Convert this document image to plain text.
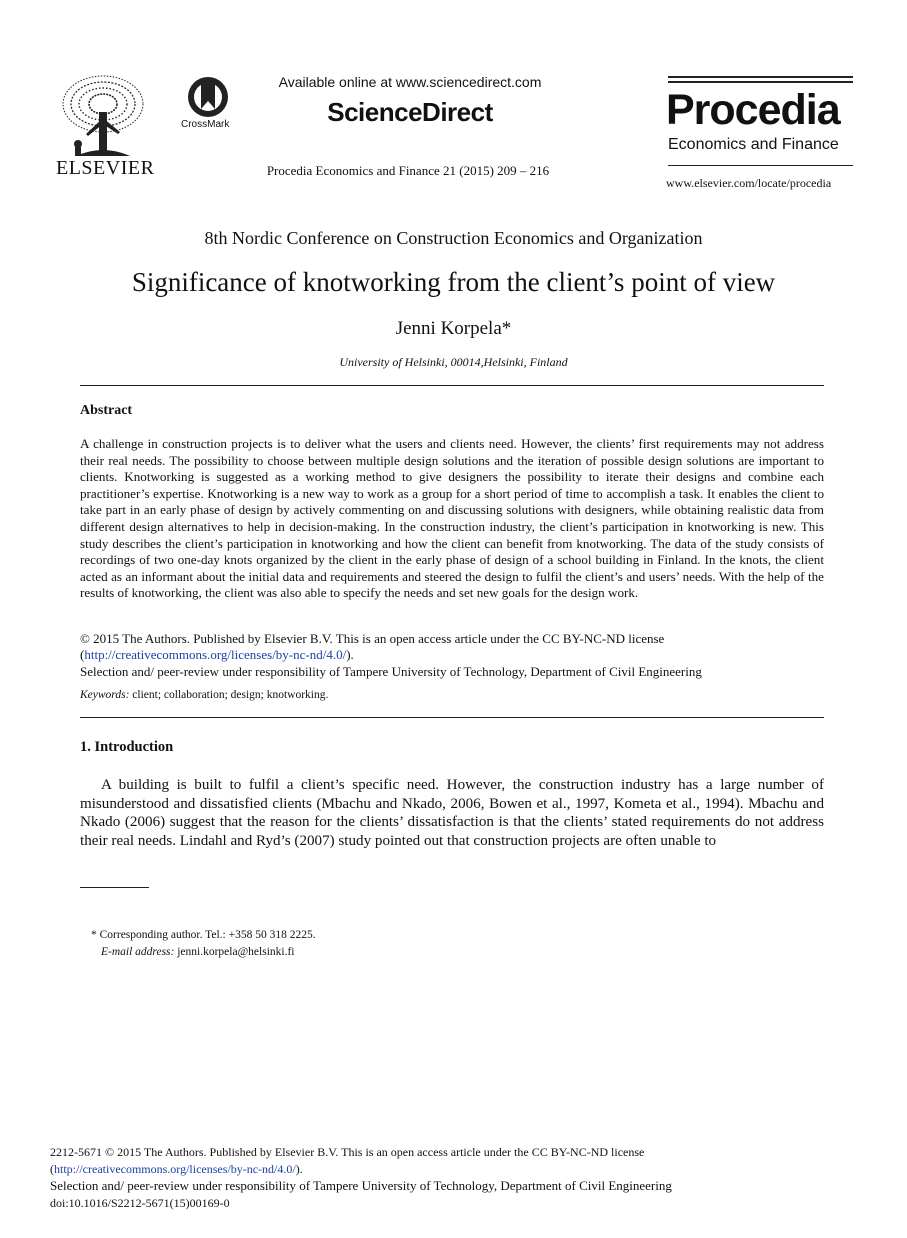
ELSEVIER
CrossMark
Available online at www.sciencedirect.com
ScienceDirect
Procedia Economics and Finance 21 (2015) 209 – 216
Procedia
Economics and Finance
www.elsevier.com/locate/procedia
8th Nordic Conference on Construction Economics and Organization
Significance of knotworking from the client’s point of view
Jenni Korpela*
University of Helsinki, 00014,Helsinki, Finland
Abstract

A challenge in construction projects is to deliver what the users and clients need. However, the clients’ first requirements may not address their real needs. The possibility to choose between multiple design solutions and the iteration of possible design solutions are important to clients. Knotworking is suggested as a working method to give designers the possibility to iterate their designs and combine each practitioner’s expertise. Knotworking is a new way to work as a group for a short period of time to accomplish a task. It enables the client to take part in an early phase of design by actively commenting on and discussing solutions with designers, while obtaining realistic data from different design alternatives to help in decision-making. In the construction industry, the client’s participation in knotworking is new. This study describes the client’s participation in knotworking and how the client can benefit from knotworking. The data of the study consists of recordings of two one-day knots organized by the client in the early phase of design of a school building in Finland. In the knots, the client acted as an informant about the initial data and requirements and steered the design to fulfil the client’s and users’ needs. With the help of the results of knotworking, the client was also able to specify the needs and set new goals for the design work.

© 2015 The Authors. Published by Elsevier B.V. This is an open access article under the CC BY-NC-ND license
(http://creativecommons.org/licenses/by-nc-nd/4.0/).
Selection and/ peer-review under responsibility of Tampere University of Technology, Department of Civil Engineering
Keywords: client; collaboration; design; knotworking.
1. Introduction

A building is built to fulfil a client’s specific need. However, the construction industry has a large number of misunderstood and dissatisfied clients (Mbachu and Nkado, 2006, Bowen et al., 1997, Kometa et al., 1994). Mbachu and Nkado (2006) suggest that the reason for the clients’ dissatisfaction is that the clients’ stated requirements do not address their real needs. Lindahl and Ryd’s (2007) study pointed out that construction projects are often unable to

* Corresponding author. Tel.: +358 50 318 2225.
E-mail address: jenni.korpela@helsinki.fi
2212-5671 © 2015 The Authors. Published by Elsevier B.V. This is an open access article under the CC BY-NC-ND license
(http://creativecommons.org/licenses/by-nc-nd/4.0/).
Selection and/ peer-review under responsibility of Tampere University of Technology, Department of Civil Engineering
doi:10.1016/S2212-5671(15)00169-0
